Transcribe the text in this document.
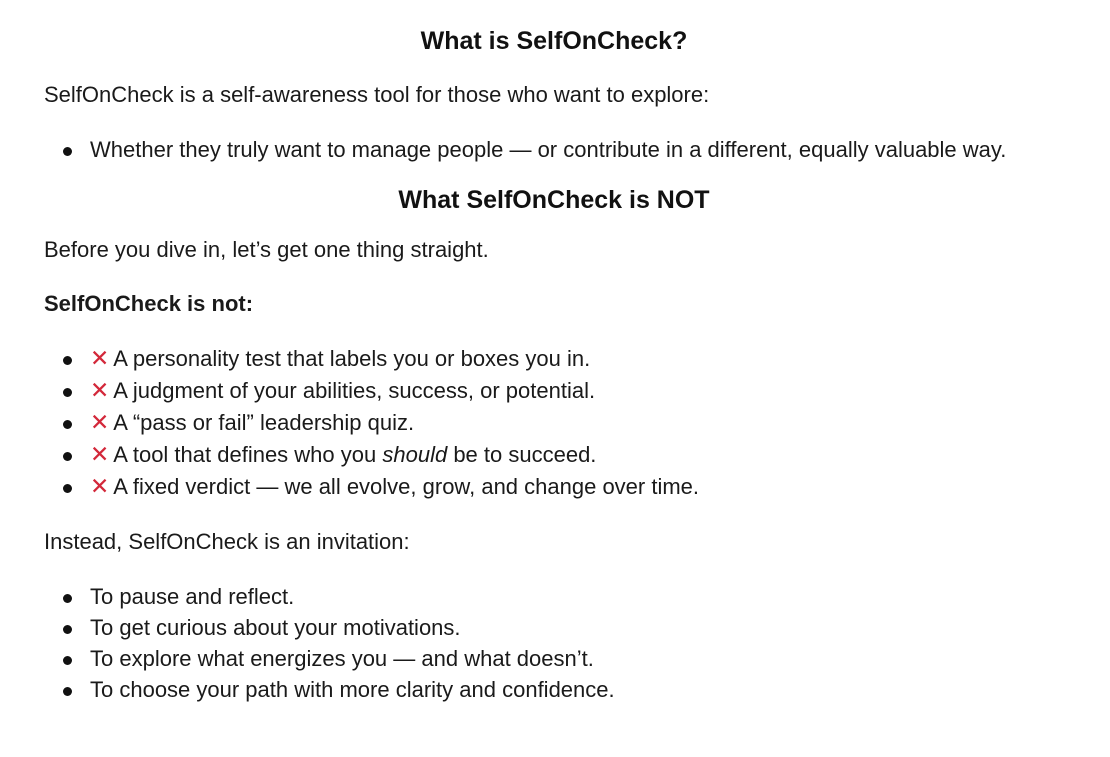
What is SelfOnCheck?

SelfOnCheck is a self-awareness tool for those who want to explore:

Whether they truly want to manage people — or contribute in a different, equally valuable way.
What SelfOnCheck is NOT

Before you dive in, let’s get one thing straight.

SelfOnCheck is not:

✕ A personality test that labels you or boxes you in.
✕ A judgment of your abilities, success, or potential.
✕ A “pass or fail” leadership quiz.
✕ A tool that defines who you should be to succeed.
✕ A fixed verdict — we all evolve, grow, and change over time.

Instead, SelfOnCheck is an invitation:

To pause and reflect.
To get curious about your motivations.
To explore what energizes you — and what doesn’t.
To choose your path with more clarity and confidence.
